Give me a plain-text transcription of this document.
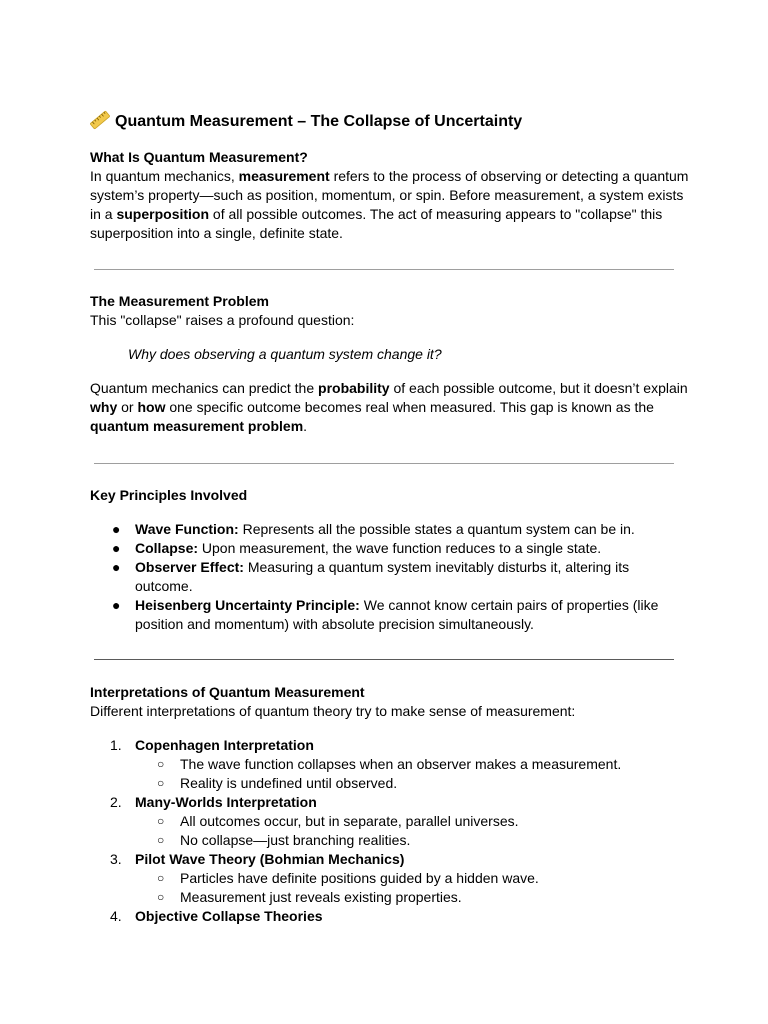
Quantum Measurement – The Collapse of Uncertainty
What Is Quantum Measurement?

In quantum mechanics, measurement refers to the process of observing or detecting a quantum system’s property—such as position, momentum, or spin. Before measurement, a system exists in a superposition of all possible outcomes. The act of measuring appears to "collapse" this superposition into a single, definite state.

The Measurement Problem

This "collapse" raises a profound question:

Why does observing a quantum system change it?

Quantum mechanics can predict the probability of each possible outcome, but it doesn’t explain why or how one specific outcome becomes real when measured. This gap is known as the quantum measurement problem.

Key Principles Involved
● Wave Function: Represents all the possible states a quantum system can be in.
● Collapse: Upon measurement, the wave function reduces to a single state.
● Observer Effect: Measuring a quantum system inevitably disturbs it, altering its outcome.
● Heisenberg Uncertainty Principle: We cannot know certain pairs of properties (like position and momentum) with absolute precision simultaneously.
Interpretations of Quantum Measurement

Different interpretations of quantum theory try to make sense of measurement:

1. Copenhagen Interpretation
○ The wave function collapses when an observer makes a measurement.
○ Reality is undefined until observed.
2. Many-Worlds Interpretation
○ All outcomes occur, but in separate, parallel universes.
○ No collapse—just branching realities.
3. Pilot Wave Theory (Bohmian Mechanics)
○ Particles have definite positions guided by a hidden wave.
○ Measurement just reveals existing properties.
4. Objective Collapse Theories
